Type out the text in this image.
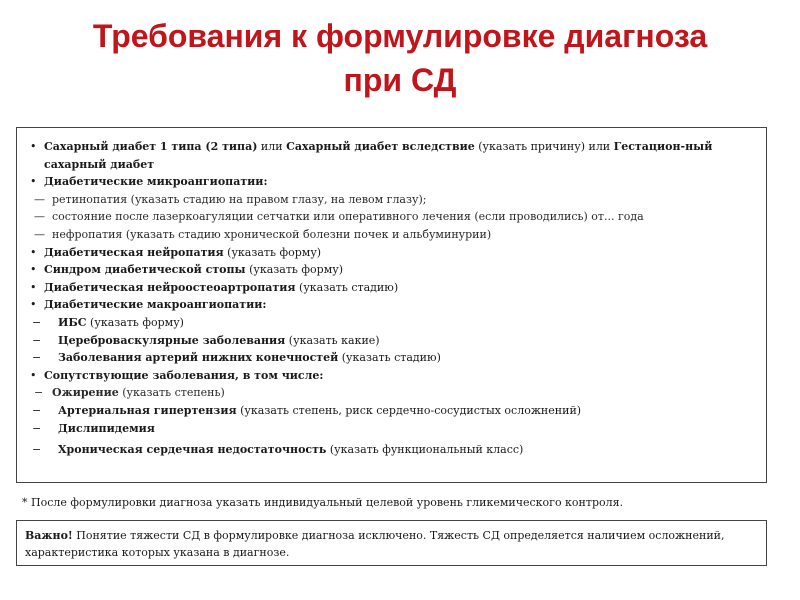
Требования к формулировке диагноза
при СД
• Сахарный диабет 1 типа (2 типа) или Сахарный диабет вследствие (указать причину) или Гестацион-ный сахарный диабет
• Диабетические микроангиопатии:
— ретинопатия (указать стадию на правом глазу, на левом глазу);
— состояние после лазеркоагуляции сетчатки или оперативного лечения (если проводились) от... года
— нефропатия (указать стадию хронической болезни почек и альбуминурии)
• Диабетическая нейропатия (указать форму)
• Синдром диабетической стопы (указать форму)
• Диабетическая нейроостеоартропатия (указать стадию)
• Диабетические макроангиопатии:
− ИБС (указать форму)
− Цереброваскулярные заболевания (указать какие)
− Заболевания артерий нижних конечностей (указать стадию)
• Сопутствующие заболевания, в том числе:
− Ожирение (указать степень)
− Артериальная гипертензия (указать степень, риск сердечно-сосудистых осложнений)
− Дислипидемия
− Хроническая сердечная недостаточность (указать функциональный класс)
* После формулировки диагноза указать индивидуальный целевой уровень гликемического контроля.
Важно! Понятие тяжести СД в формулировке диагноза исключено. Тяжесть СД определяется наличием осложнений, характеристика которых указана в диагнозе.
